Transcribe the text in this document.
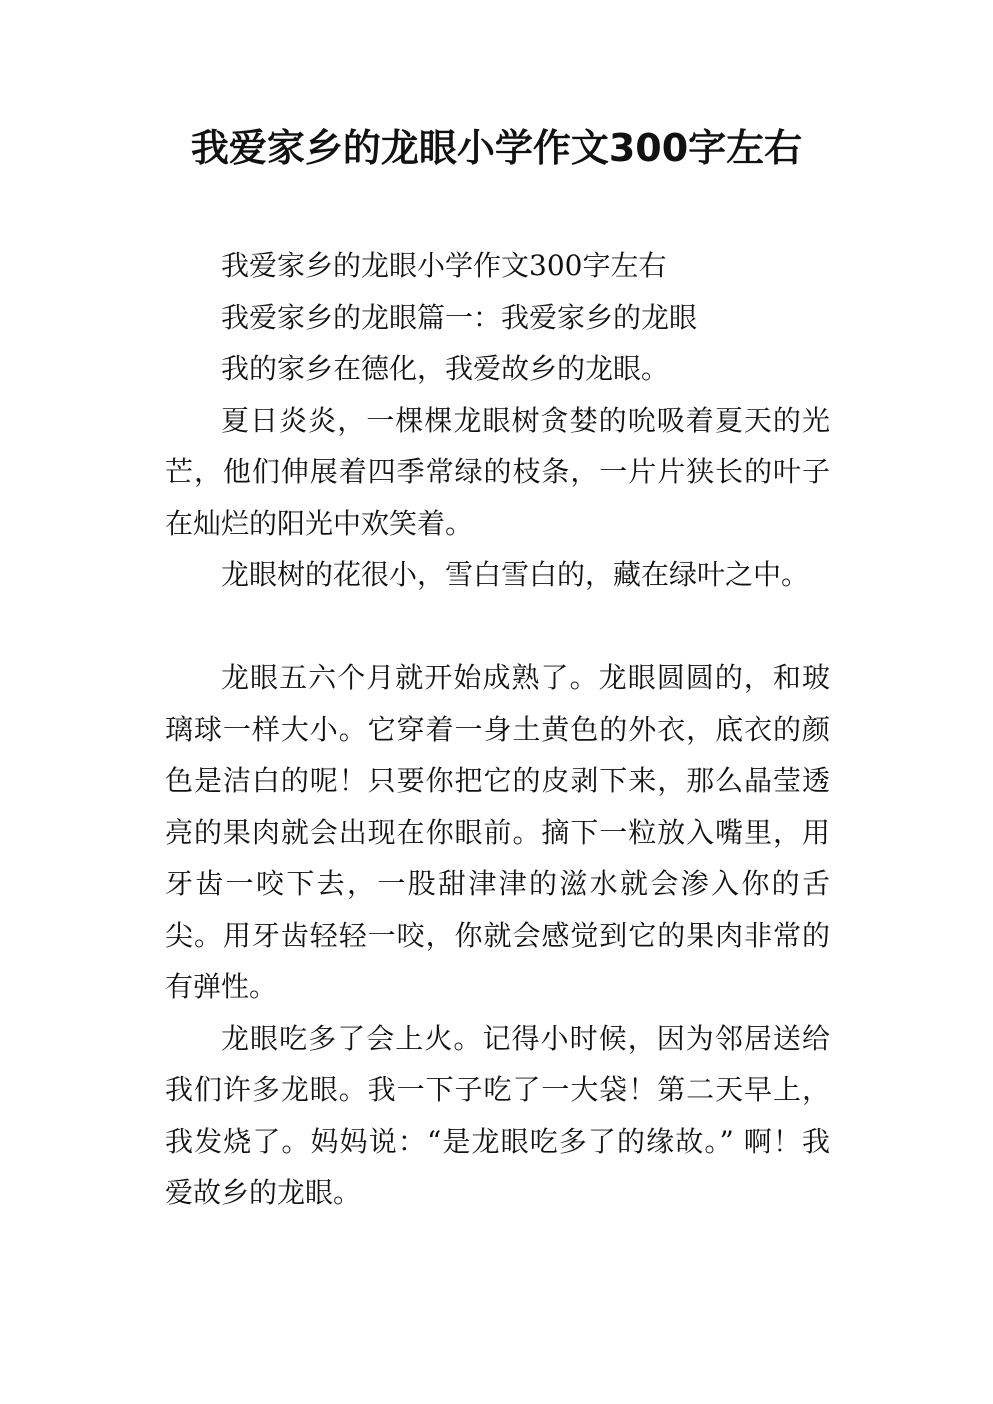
我爱家乡的龙眼小学作文300字左右

我爱家乡的龙眼小学作文300字左右

我爱家乡的龙眼篇一：我爱家乡的龙眼

我的家乡在德化，我爱故乡的龙眼。

夏日炎炎，一棵棵龙眼树贪婪的吮吸着夏天的光芒，他们伸展着四季常绿的枝条，一片片狭长的叶子在灿烂的阳光中欢笑着。

龙眼树的花很小，雪白雪白的，藏在绿叶之中。

龙眼五六个月就开始成熟了。龙眼圆圆的，和玻璃球一样大小。它穿着一身土黄色的外衣，底衣的颜色是洁白的呢！只要你把它的皮剥下来，那么晶莹透亮的果肉就会出现在你眼前。摘下一粒放入嘴里，用牙齿一咬下去，一股甜津津的滋水就会渗入你的舌尖。用牙齿轻轻一咬，你就会感觉到它的果肉非常的有弹性。

龙眼吃多了会上火。记得小时候，因为邻居送给我们许多龙眼。我一下子吃了一大袋！第二天早上，我发烧了。妈妈说：“是龙眼吃多了的缘故。” 啊！我爱故乡的龙眼。
